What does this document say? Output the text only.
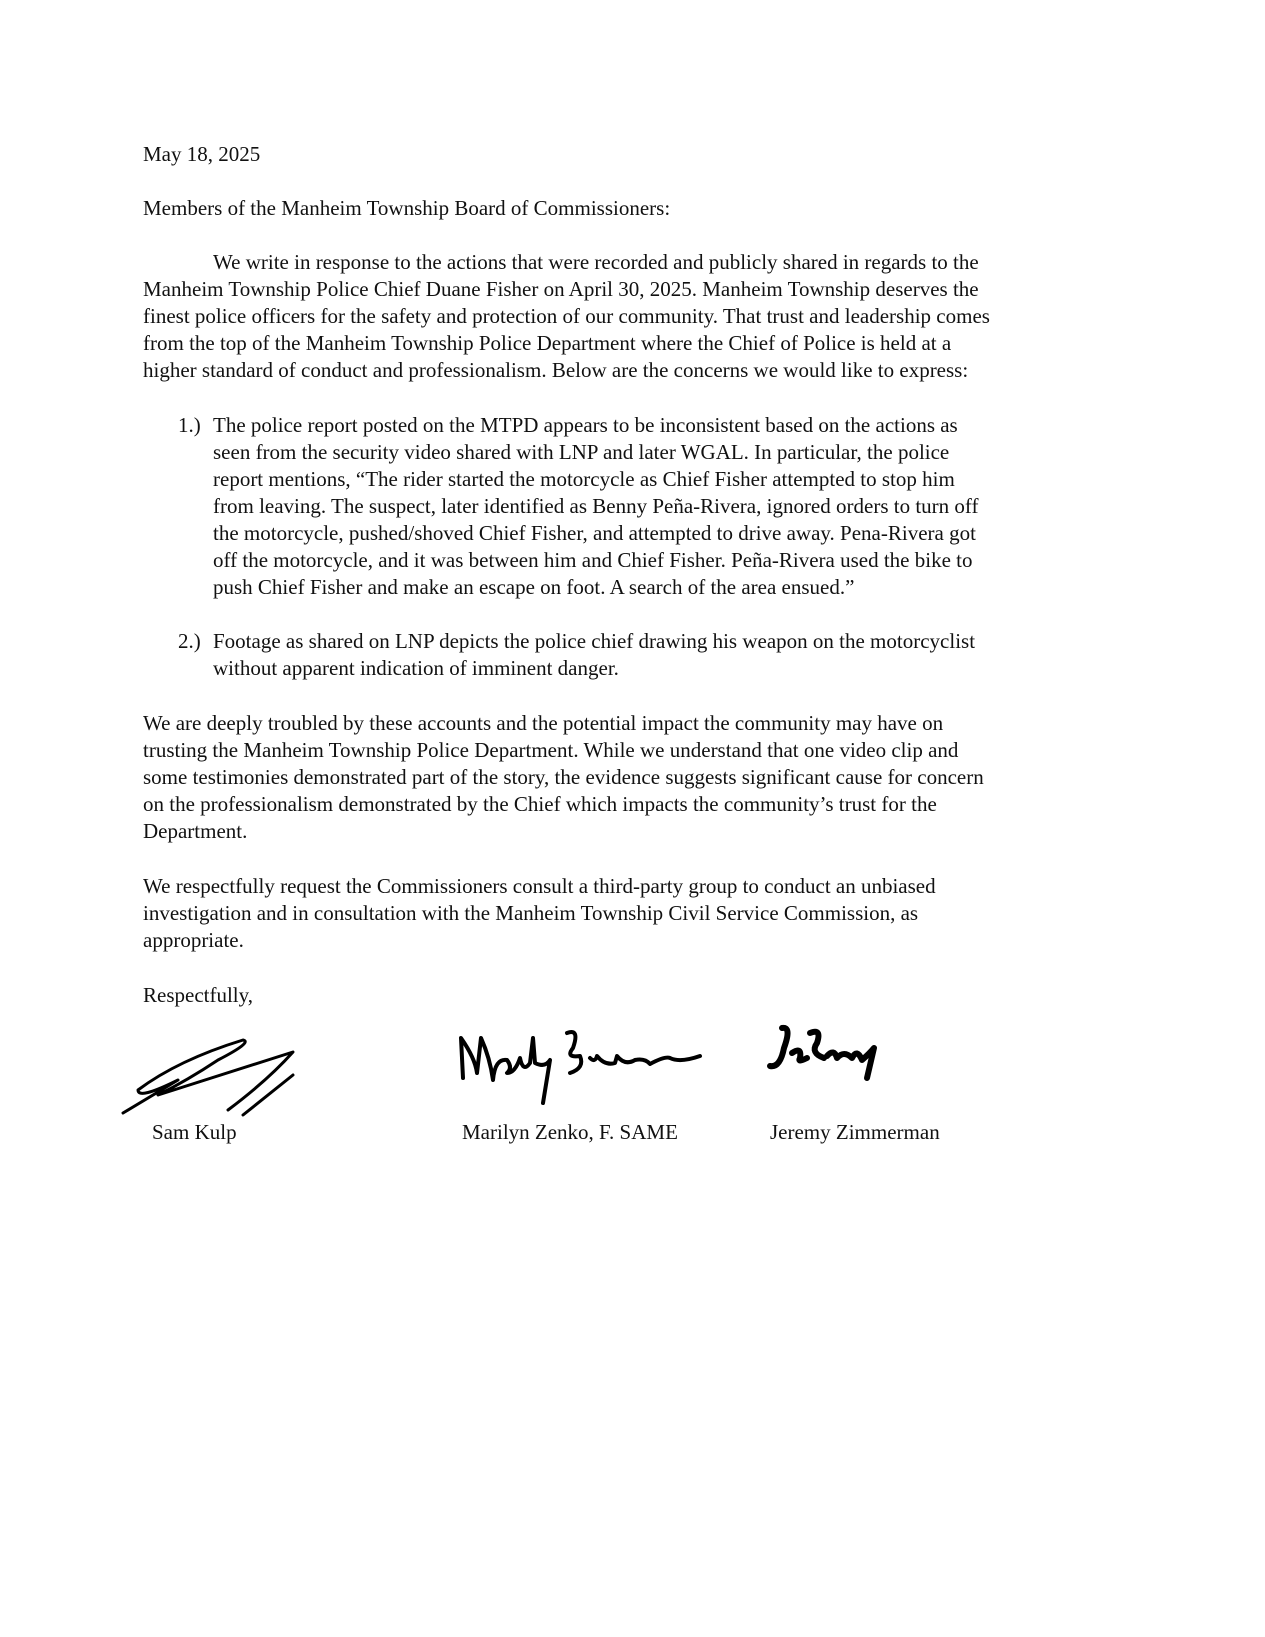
May 18, 2025
Members of the Manheim Township Board of Commissioners:
Respectfully,
We write in response to the actions that were recorded and publicly shared in regards to the
Manheim Township Police Chief Duane Fisher on April 30, 2025. Manheim Township deserves the
finest police officers for the safety and protection of our community. That trust and leadership comes
from the top of the Manheim Township Police Department where the Chief of Police is held at a
higher standard of conduct and professionalism. Below are the concerns we would like to express:
1.) The police report posted on the MTPD appears to be inconsistent based on the actions as
seen from the security video shared with LNP and later WGAL. In particular, the police
report mentions, “The rider started the motorcycle as Chief Fisher attempted to stop him
from leaving. The suspect, later identified as Benny Peña-Rivera, ignored orders to turn off
the motorcycle, pushed/shoved Chief Fisher, and attempted to drive away. Pena-Rivera got
off the motorcycle, and it was between him and Chief Fisher. Peña-Rivera used the bike to
push Chief Fisher and make an escape on foot. A search of the area ensued.”
2.) Footage as shared on LNP depicts the police chief drawing his weapon on the motorcyclist
without apparent indication of imminent danger.
We are deeply troubled by these accounts and the potential impact the community may have on
trusting the Manheim Township Police Department. While we understand that one video clip and
some testimonies demonstrated part of the story, the evidence suggests significant cause for concern
on the professionalism demonstrated by the Chief which impacts the community’s trust for the
Department.
We respectfully request the Commissioners consult a third-party group to conduct an unbiased
investigation and in consultation with the Manheim Township Civil Service Commission, as
appropriate.
Sam Kulp	Marilyn Zenko, F. SAME	Jeremy Zimmerman
